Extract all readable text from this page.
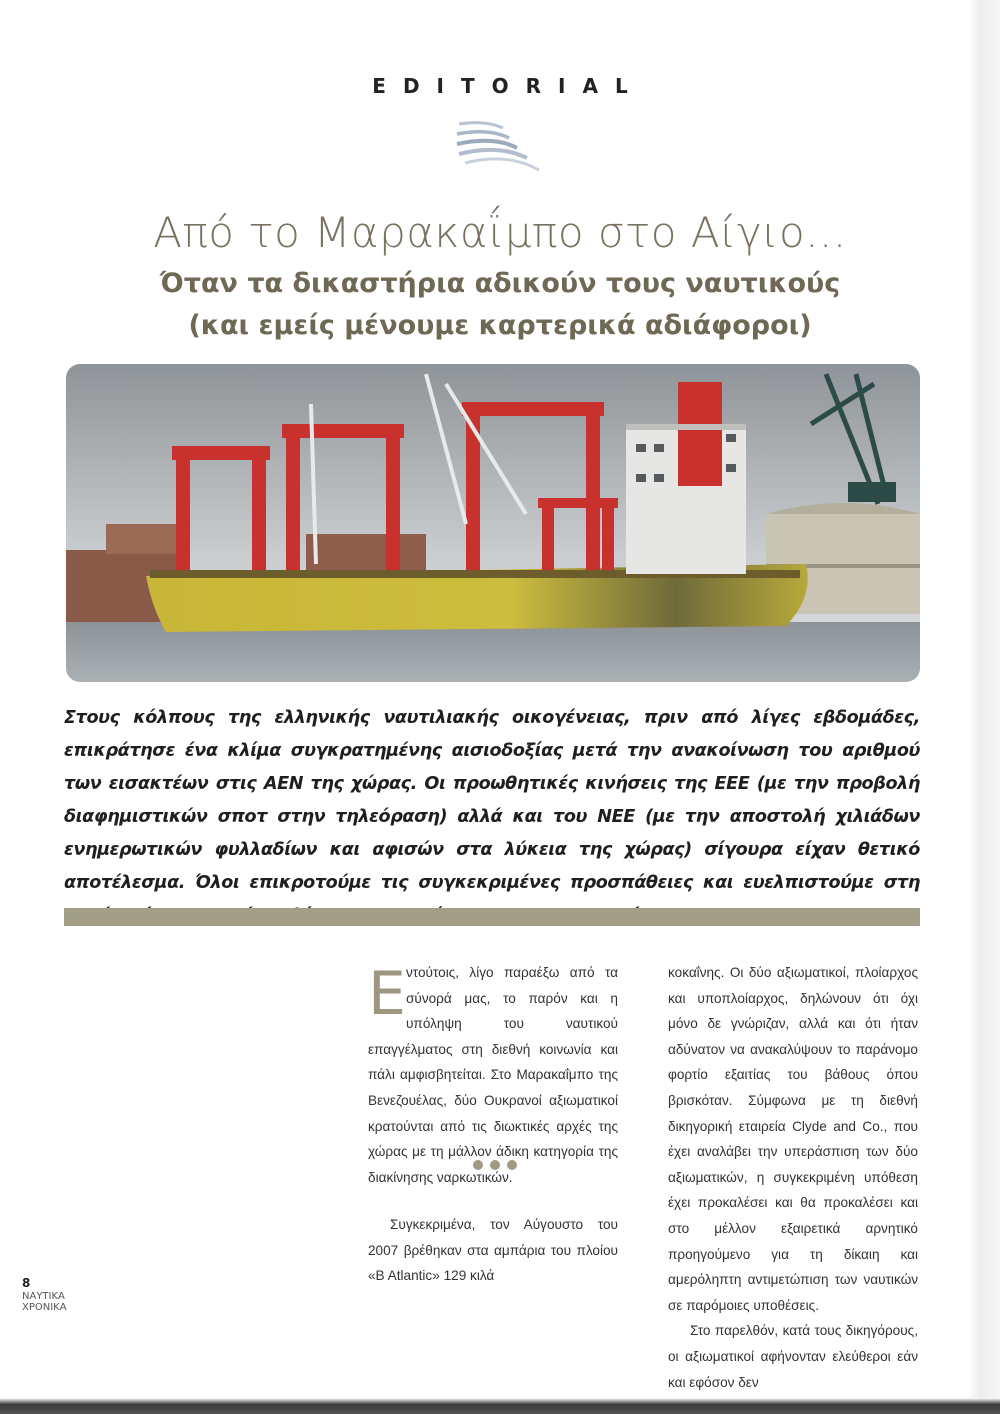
EDITORIAL
Από το Μαρακαΐμπο στο Αίγιο...
Όταν τα δικαστήρια αδικούν τους ναυτικούς
(και εμείς μένουμε καρτερικά αδιάφοροι)

Στους κόλπους της ελληνικής ναυτιλιακής οικογένειας, πριν από λίγες εβδομάδες, επικράτησε ένα κλίμα συγκρατημένης αισιοδοξίας μετά την ανακοίνωση του αριθμού των εισακτέων στις ΑΕΝ της χώρας. Οι προωθητικές κινήσεις της ΕΕΕ (με την προβολή διαφημιστικών σποτ στην τηλεόραση) αλλά και του ΝΕΕ (με την αποστολή χιλιάδων ενημερωτικών φυλλαδίων και αφισών στα λύκεια της χώρας) σίγουρα είχαν θετικό αποτέλεσμα. Όλοι επικροτούμε τις συγκεκριμένες προσπάθειες και ευελπιστούμε στη

Ε ντούτοις, λίγο παραέξω από τα σύνορά μας, το παρόν και η υπόληψη του ναυτικού επαγγέλματος στη διεθνή κοινωνία και πάλι αμφισβητείται. Στο Μαρακαΐμπο της Βενεζουέλας, δύο Ουκρανοί αξιωματικοί κρατούνται από τις διωκτικές αρχές της χώρας με τη μάλλον άδικη κατηγορία της διακίνησης ναρκωτικών.

Συγκεκριμένα, τον Αύγουστο του 2007 βρέθηκαν στα αμπάρια του πλοίου «B Atlantic» 129 κιλά

κοκαΐνης. Οι δύο αξιωματικοί, πλοίαρχος και υποπλοίαρχος, δηλώνουν ότι όχι μόνο δε γνώριζαν, αλλά και ότι ήταν αδύνατον να ανακαλύψουν το παράνομο φορτίο εξαιτίας του βάθους όπου βρισκόταν. Σύμφωνα με τη διεθνή δικηγορική εταιρεία Clyde and Co., που έχει αναλάβει την υπεράσπιση των δύο αξιωματικών, η συγκεκριμένη υπόθεση έχει προκαλέσει και θα προκαλέσει και στο μέλλον εξαιρετικά αρνητικό προηγούμενο για τη δίκαιη και αμερόληπτη αντιμετώπιση των ναυτικών σε παρόμοιες υποθέσεις.

Στο παρελθόν, κατά τους δικηγόρους, οι αξιωματικοί αφήνονταν ελεύθεροι εάν και εφόσον δεν

8
ΝΑΥΤΙΚΑ
ΧΡΟΝΙΚΑ
